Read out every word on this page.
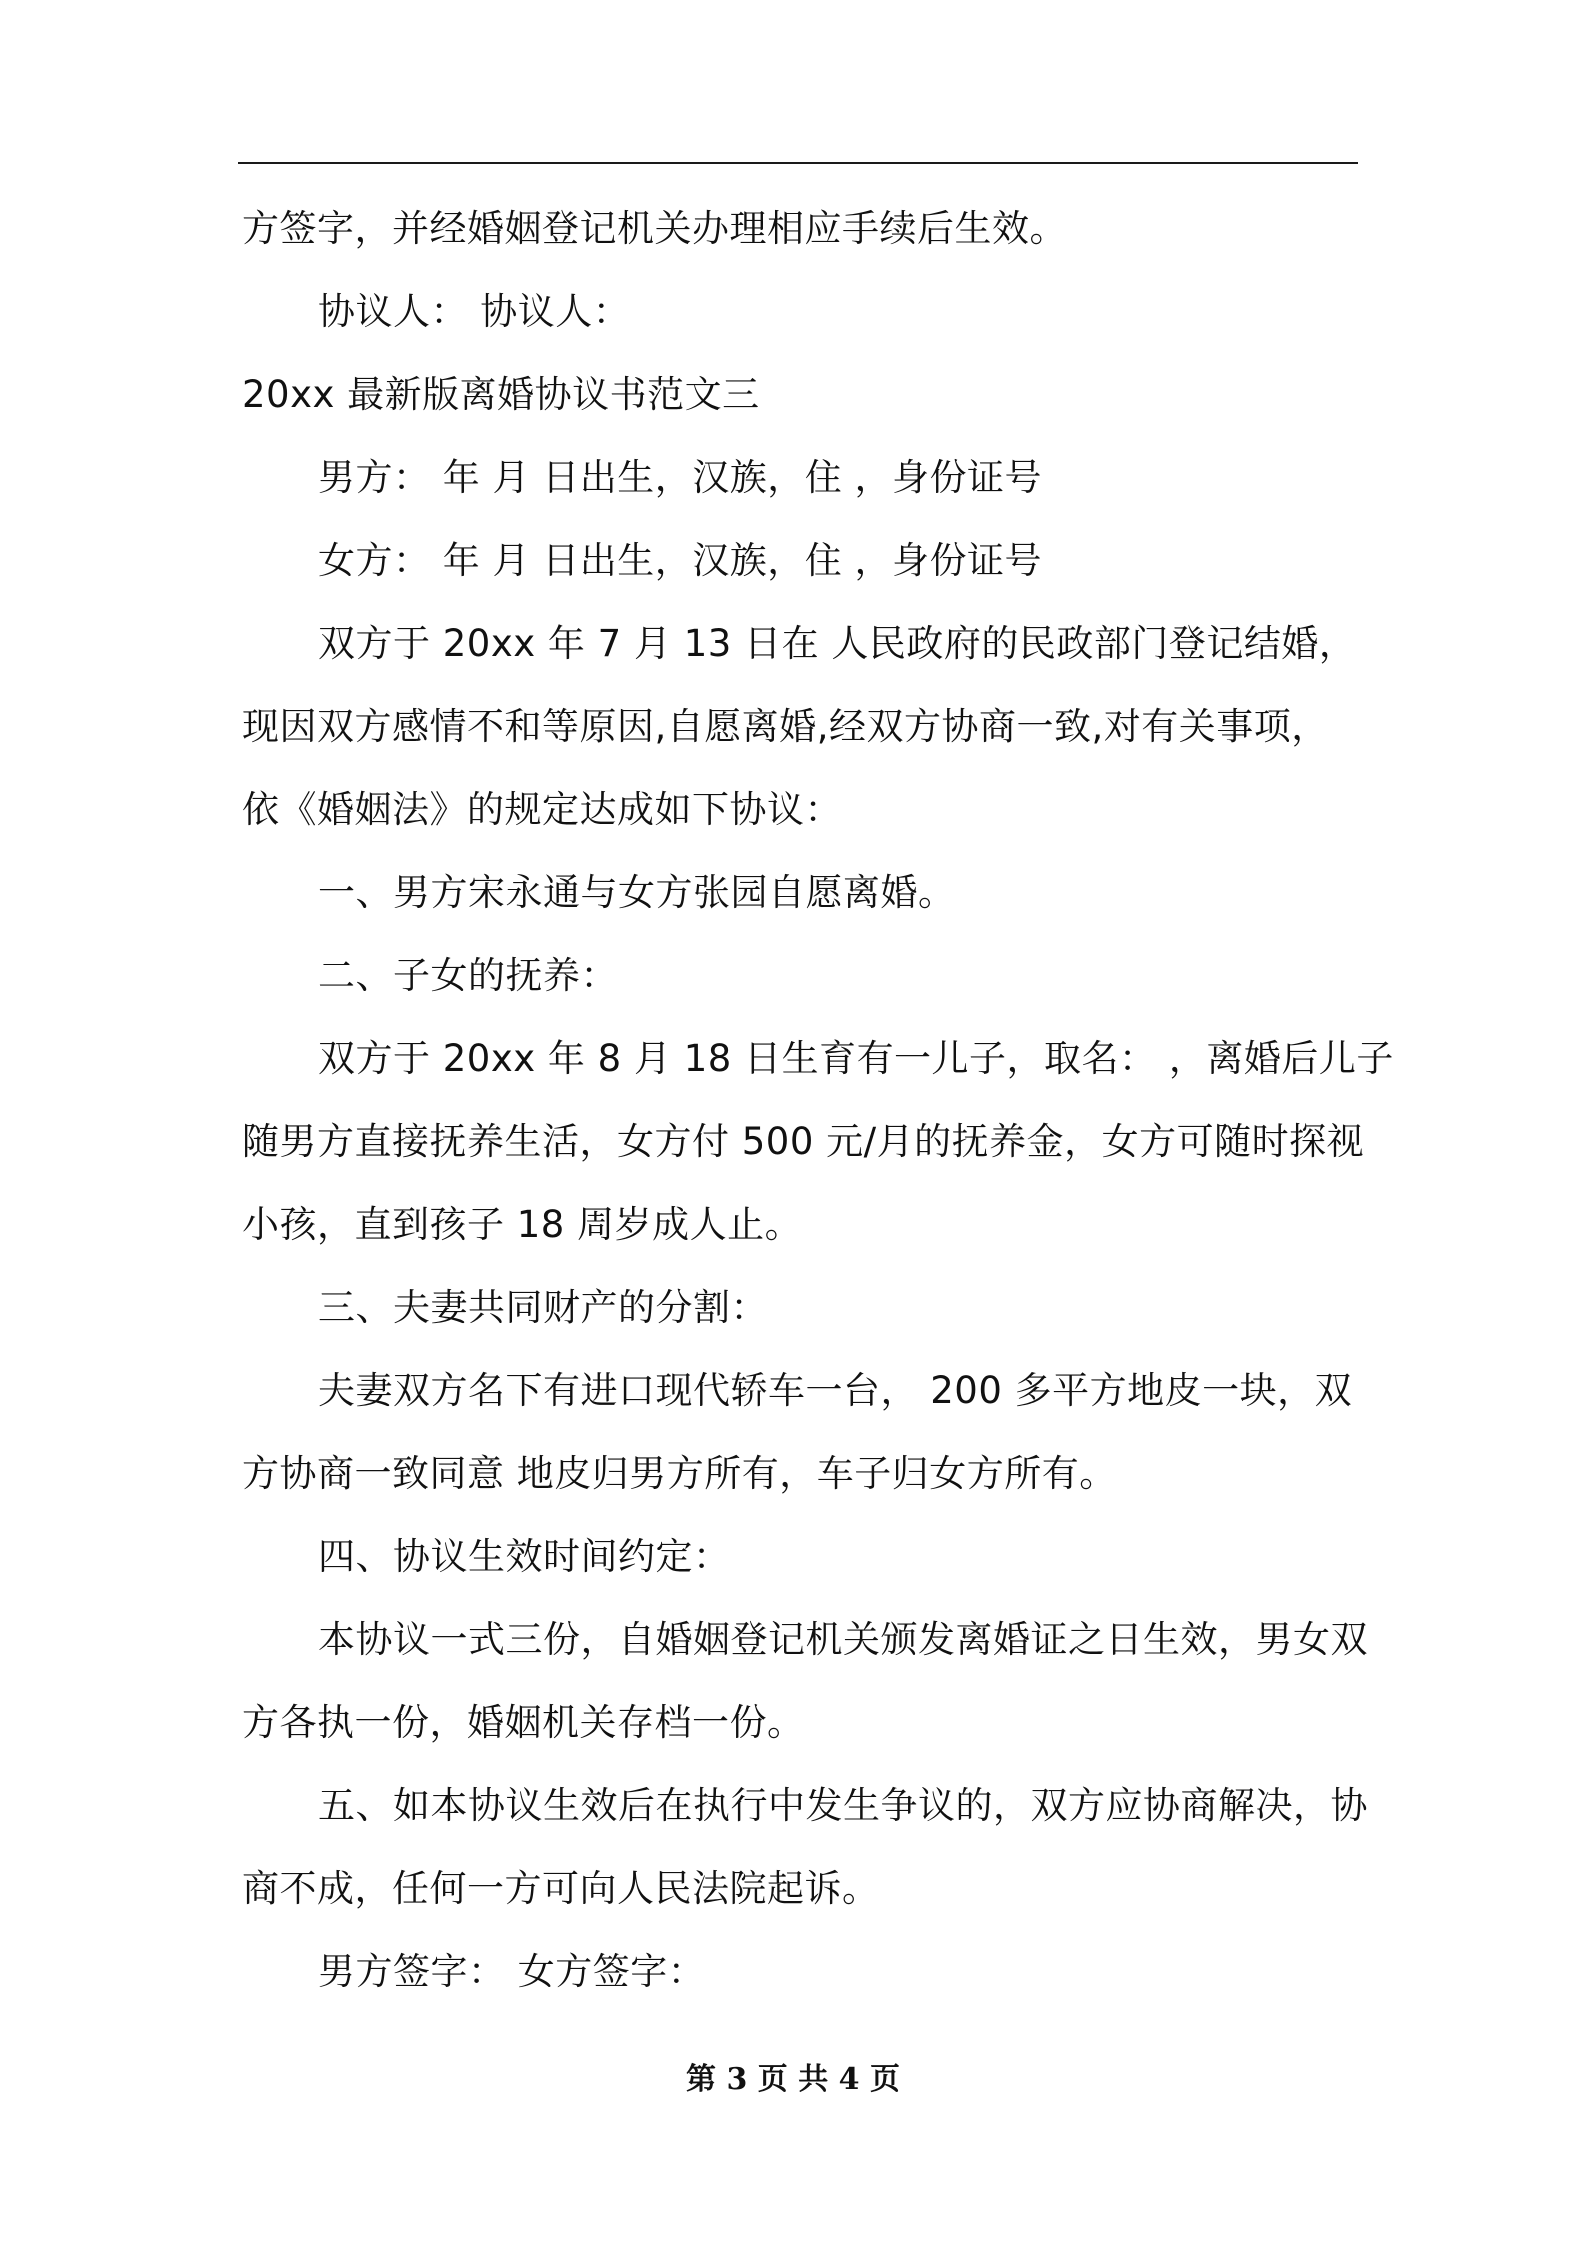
方签字，并经婚姻登记机关办理相应手续后生效。
协议人： 协议人：
20xx 最新版离婚协议书范文三
男方： 年 月 日出生，汉族，住 ，身份证号
女方： 年 月 日出生，汉族，住 ，身份证号
双方于 20xx 年 7 月 13 日在 人民政府的民政部门登记结婚，
现因双方感情不和等原因,自愿离婚,经双方协商一致,对有关事项，
依《婚姻法》的规定达成如下协议：
一、男方宋永通与女方张园自愿离婚。
二、子女的抚养：
双方于 20xx 年 8 月 18 日生育有一儿子，取名： ，离婚后儿子
随男方直接抚养生活，女方付 500 元/月的抚养金，女方可随时探视
小孩，直到孩子 18 周岁成人止。
三、夫妻共同财产的分割：
夫妻双方名下有进口现代轿车一台， 200 多平方地皮一块，双
方协商一致同意 地皮归男方所有，车子归女方所有。
四、协议生效时间约定：
本协议一式三份，自婚姻登记机关颁发离婚证之日生效，男女双
方各执一份，婚姻机关存档一份。
五、如本协议生效后在执行中发生争议的，双方应协商解决，协
商不成，任何一方可向人民法院起诉。
男方签字： 女方签字：
第 3 页 共 4 页
